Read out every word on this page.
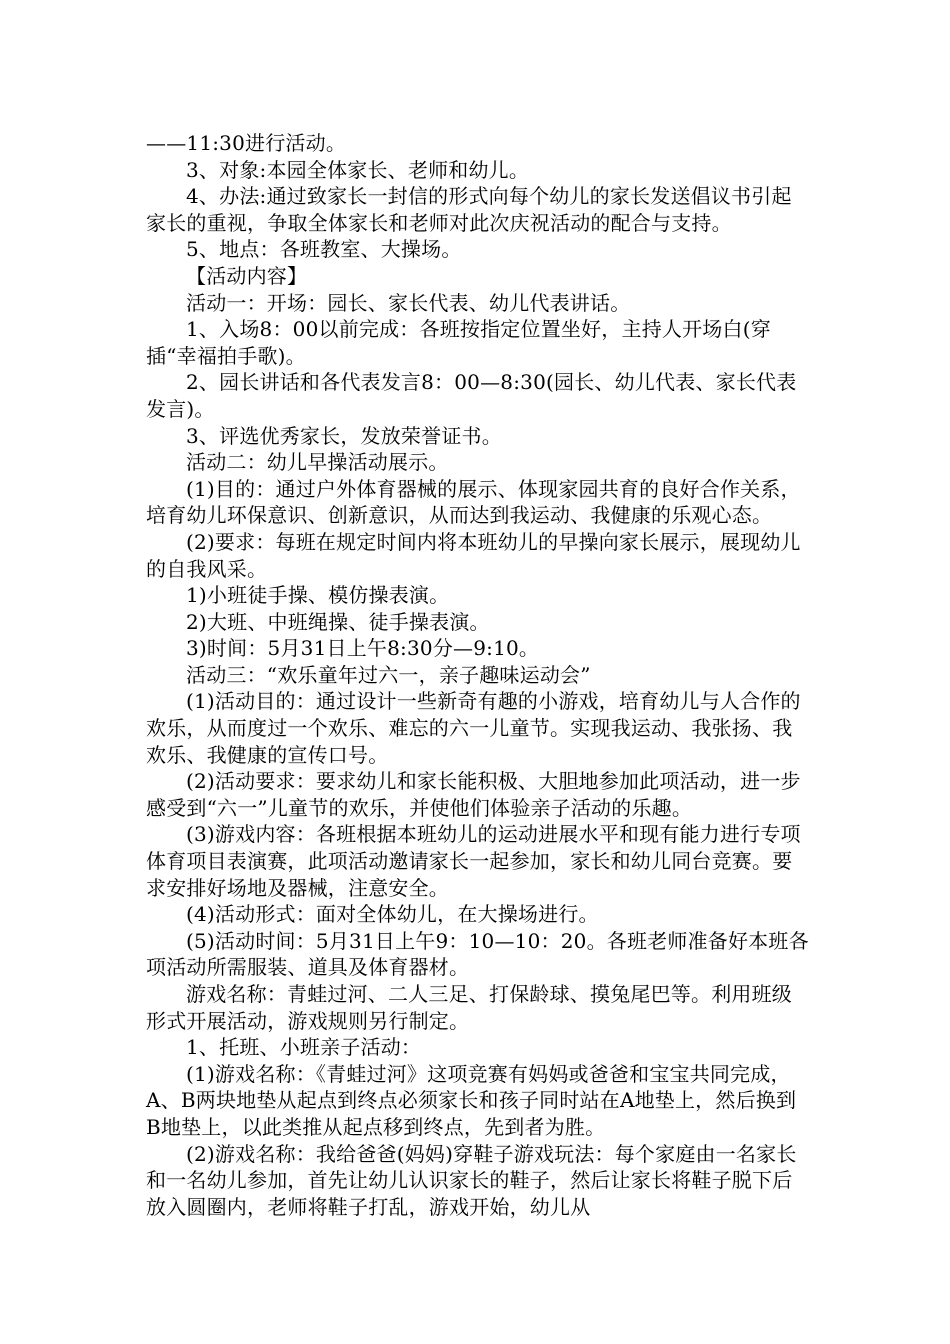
——11:30进行活动。

3、对象:本园全体家长、老师和幼儿。

4、办法:通过致家长一封信的形式向每个幼儿的家长发送倡议书引起家长的重视，争取全体家长和老师对此次庆祝活动的配合与支持。

5、地点：各班教室、大操场。

【活动内容】

活动一：开场：园长、家长代表、幼儿代表讲话。

1、入场8：00以前完成：各班按指定位置坐好，主持人开场白(穿插“幸福拍手歌)。

2、园长讲话和各代表发言8：00—8:30(园长、幼儿代表、家长代表发言)。

3、评选优秀家长，发放荣誉证书。

活动二：幼儿早操活动展示。

(1)目的：通过户外体育器械的展示、体现家园共育的良好合作关系，培育幼儿环保意识、创新意识，从而达到我运动、我健康的乐观心态。

(2)要求：每班在规定时间内将本班幼儿的早操向家长展示，展现幼儿的自我风采。

1)小班徒手操、模仿操表演。

2)大班、中班绳操、徒手操表演。

3)时间：5月31日上午8:30分—9:10。

活动三：“欢乐童年过六一，亲子趣味运动会”

(1)活动目的：通过设计一些新奇有趣的小游戏，培育幼儿与人合作的欢乐，从而度过一个欢乐、难忘的六一儿童节。实现我运动、我张扬、我欢乐、我健康的宣传口号。

(2)活动要求：要求幼儿和家长能积极、大胆地参加此项活动，进一步感受到“六一”儿童节的欢乐，并使他们体验亲子活动的乐趣。

(3)游戏内容：各班根据本班幼儿的运动进展水平和现有能力进行专项体育项目表演赛，此项活动邀请家长一起参加，家长和幼儿同台竞赛。要求安排好场地及器械，注意安全。

(4)活动形式：面对全体幼儿，在大操场进行。

(5)活动时间：5月31日上午9：10—10：20。各班老师准备好本班各项活动所需服装、道具及体育器材。

游戏名称：青蛙过河、二人三足、打保龄球、摸兔尾巴等。利用班级形式开展活动，游戏规则另行制定。

1、托班、小班亲子活动：

(1)游戏名称：《青蛙过河》这项竞赛有妈妈或爸爸和宝宝共同完成，A、B两块地垫从起点到终点必须家长和孩子同时站在A地垫上，然后换到B地垫上，以此类推从起点移到终点，先到者为胜。

(2)游戏名称：我给爸爸(妈妈)穿鞋子游戏玩法：每个家庭由一名家长和一名幼儿参加，首先让幼儿认识家长的鞋子，然后让家长将鞋子脱下后放入圆圈内，老师将鞋子打乱，游戏开始，幼儿从
